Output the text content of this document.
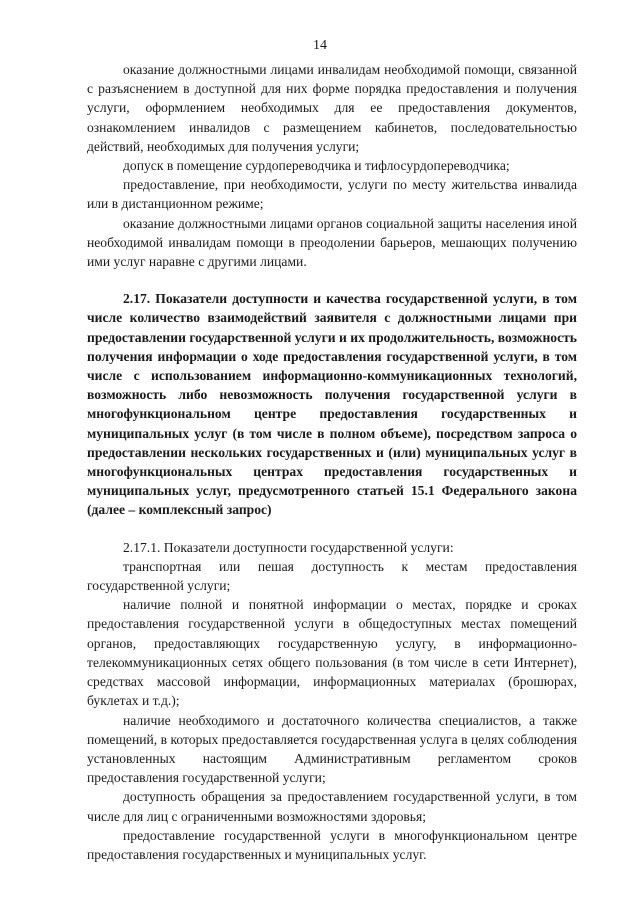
14

оказание должностными лицами инвалидам необходимой помощи, связанной с разъяснением в доступной для них форме порядка предоставления и получения услуги, оформлением необходимых для ее предоставления документов, ознакомлением инвалидов с размещением кабинетов, последовательностью действий, необходимых для получения услуги;

допуск в помещение сурдопереводчика и тифлосурдопереводчика;

предоставление, при необходимости, услуги по месту жительства инвалида или в дистанционном режиме;

оказание должностными лицами органов социальной защиты населения иной необходимой инвалидам помощи в преодолении барьеров, мешающих получению ими услуг наравне с другими лицами.

2.17. Показатели доступности и качества государственной услуги, в том числе количество взаимодействий заявителя с должностными лицами при предоставлении государственной услуги и их продолжительность, возможность получения информации о ходе предоставления государственной услуги, в том числе с использованием информационно-коммуникационных технологий, возможность либо невозможность получения государственной услуги в многофункциональном центре предоставления государственных и муниципальных услуг (в том числе в полном объеме), посредством запроса о предоставлении нескольких государственных и (или) муниципальных услуг в многофункциональных центрах предоставления государственных и муниципальных услуг, предусмотренного статьей 15.1 Федерального закона (далее – комплексный запрос)

2.17.1. Показатели доступности государственной услуги:

транспортная или пешая доступность к местам предоставления государственной услуги;

наличие полной и понятной информации о местах, порядке и сроках предоставления государственной услуги в общедоступных местах помещений органов, предоставляющих государственную услугу, в информационно-телекоммуникационных сетях общего пользования (в том числе в сети Интернет), средствах массовой информации, информационных материалах (брошюрах, буклетах и т.д.);

наличие необходимого и достаточного количества специалистов, а также помещений, в которых предоставляется государственная услуга в целях соблюдения установленных настоящим Административным регламентом сроков предоставления государственной услуги;

доступность обращения за предоставлением государственной услуги, в том числе для лиц с ограниченными возможностями здоровья;

предоставление государственной услуги в многофункциональном центре предоставления государственных и муниципальных услуг.
